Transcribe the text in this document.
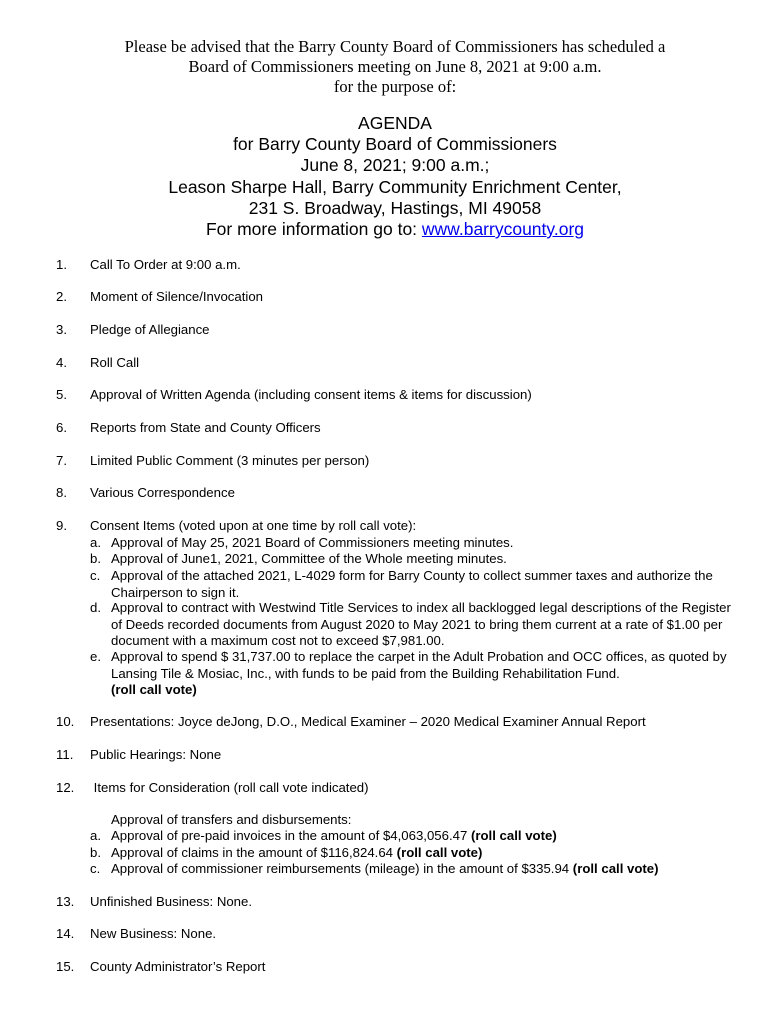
Please be advised that the Barry County Board of Commissioners has scheduled a
Board of Commissioners meeting on June 8, 2021 at 9:00 a.m.
for the purpose of:
AGENDA
for Barry County Board of Commissioners
June 8, 2021; 9:00 a.m.;
Leason Sharpe Hall, Barry Community Enrichment Center,
231 S. Broadway, Hastings, MI 49058
For more information go to: www.barrycounty.org
1. Call To Order at 9:00 a.m.
2. Moment of Silence/Invocation
3. Pledge of Allegiance
4. Roll Call
5. Approval of Written Agenda (including consent items & items for discussion)
6. Reports from State and County Officers
7. Limited Public Comment (3 minutes per person)
8. Various Correspondence
9. Consent Items (voted upon at one time by roll call vote):
a. Approval of May 25, 2021 Board of Commissioners meeting minutes.
b. Approval of June1, 2021, Committee of the Whole meeting minutes.
c. Approval of the attached 2021, L-4029 form for Barry County to collect summer taxes and authorize the Chairperson to sign it.
d. Approval to contract with Westwind Title Services to index all backlogged legal descriptions of the Register of Deeds recorded documents from August 2020 to May 2021 to bring them current at a rate of $1.00 per document with a maximum cost not to exceed $7,981.00.
e. Approval to spend $ 31,737.00 to replace the carpet in the Adult Probation and OCC offices, as quoted by Lansing Tile & Mosiac, Inc., with funds to be paid from the Building Rehabilitation Fund.
(roll call vote)
10. Presentations: Joyce deJong, D.O., Medical Examiner – 2020 Medical Examiner Annual Report
11. Public Hearings: None
12. Items for Consideration (roll call vote indicated)
Approval of transfers and disbursements:
a. Approval of pre-paid invoices in the amount of $4,063,056.47 (roll call vote)
b. Approval of claims in the amount of $116,824.64 (roll call vote)
c. Approval of commissioner reimbursements (mileage) in the amount of $335.94 (roll call vote)
13. Unfinished Business: None.
14. New Business: None.
15. County Administrator’s Report
